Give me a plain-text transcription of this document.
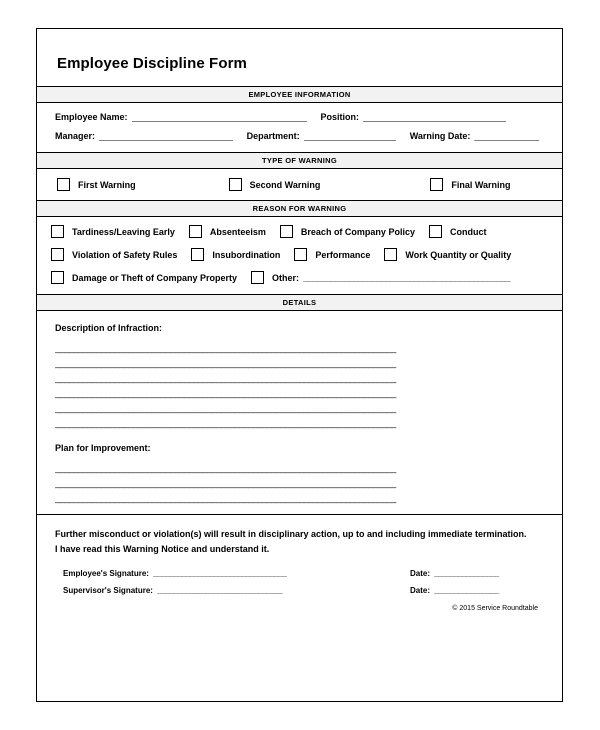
Employee Discipline Form
EMPLOYEE INFORMATION
Employee Name: ______________________________________ Position: _______________________________
Manager: _____________________________ Department: ____________________ Warning Date: ______________
TYPE OF WARNING
First Warning	Second Warning	Final Warning
REASON FOR WARNING
Tardiness/Leaving Early	Absenteeism	Breach of Company Policy	Conduct
Violation of Safety Rules	Insubordination	Performance	Work Quantity or Quality
Damage or Theft of Company Property	Other: _____________________________________________
DETAILS
Description of Infraction:
__________________________________________________________________________
__________________________________________________________________________
__________________________________________________________________________
__________________________________________________________________________
__________________________________________________________________________
__________________________________________________________________________
Plan for Improvement:
__________________________________________________________________________
__________________________________________________________________________
__________________________________________________________________________
Further misconduct or violation(s) will result in disciplinary action, up to and including immediate termination.
I have read this Warning Notice and understand it.
Employee's Signature: _________________________________	Date: ________________
Supervisor's Signature: _______________________________	Date: ________________
© 2015 Service Roundtable
